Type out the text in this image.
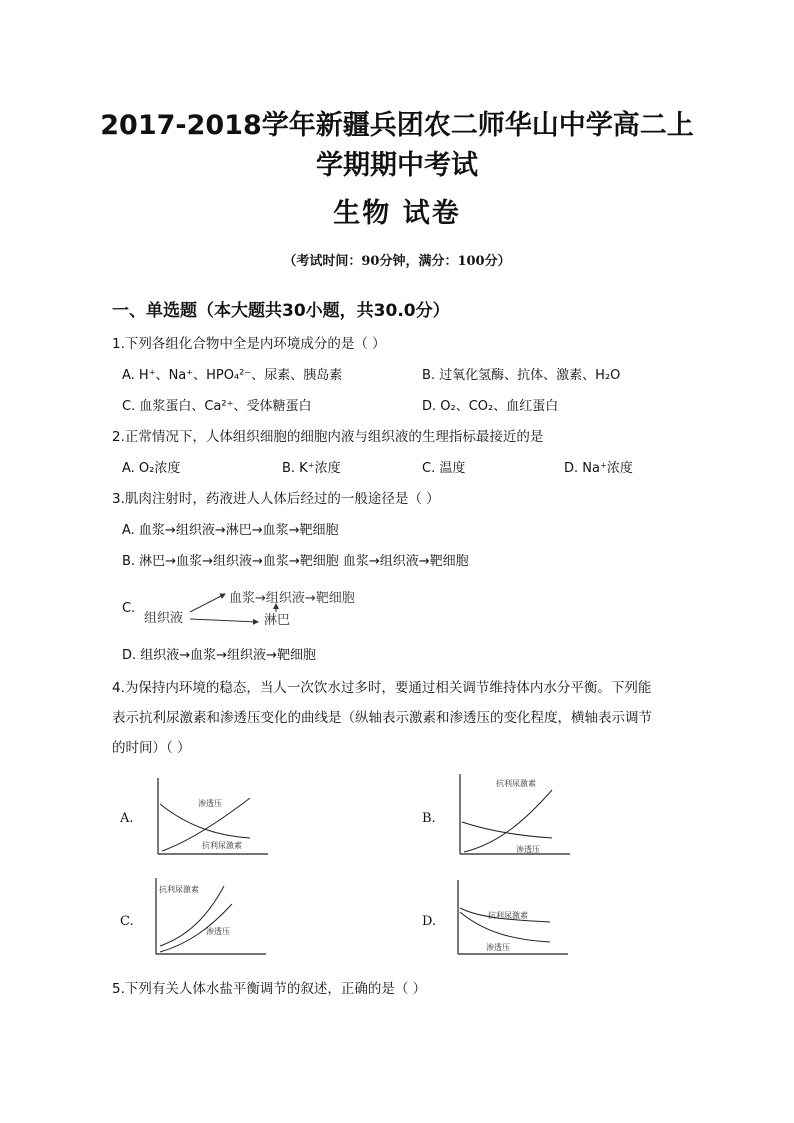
2017-2018学年新疆兵团农二师华山中学高二上
学期期中考试
生物 试卷
（考试时间：90分钟，满分：100分）
一、单选题（本大题共30小题，共30.0分）
1.下列各组化合物中全是内环境成分的是（ ）
A. H⁺、Na⁺、HPO₄²⁻、尿素、胰岛素	B. 过氧化氢酶、抗体、激素、H₂O
C. 血浆蛋白、Ca²⁺、受体糖蛋白	D. O₂、CO₂、血红蛋白
2.正常情况下，人体组织细胞的细胞内液与组织液的生理指标最接近的是
A. O₂浓度	B. K⁺浓度	C. 温度	D. Na⁺浓度
3.肌肉注射时，药液进人人体后经过的一般途径是（ ）
A. 血浆→组织液→淋巴→血浆→靶细胞
B. 淋巴→血浆→组织液→血浆→靶细胞 血浆→组织液→靶细胞
C.
血浆→组织液→靶细胞
组织液	淋巴
D. 组织液→血浆→组织液→靶细胞
4.为保持内环境的稳态，当人一次饮水过多时，要通过相关调节维持体内水分平衡。下列能
表示抗利尿激素和渗透压变化的曲线是（纵轴表示激素和渗透压的变化程度，横轴表示调节
的时间）（ ）
A.
渗透压
抗利尿激素
B.
抗利尿激素
渗透压
C.
抗利尿激素
渗透压
D.	抗利尿激素
渗透压
5.下列有关人体水盐平衡调节的叙述，正确的是（ ）
